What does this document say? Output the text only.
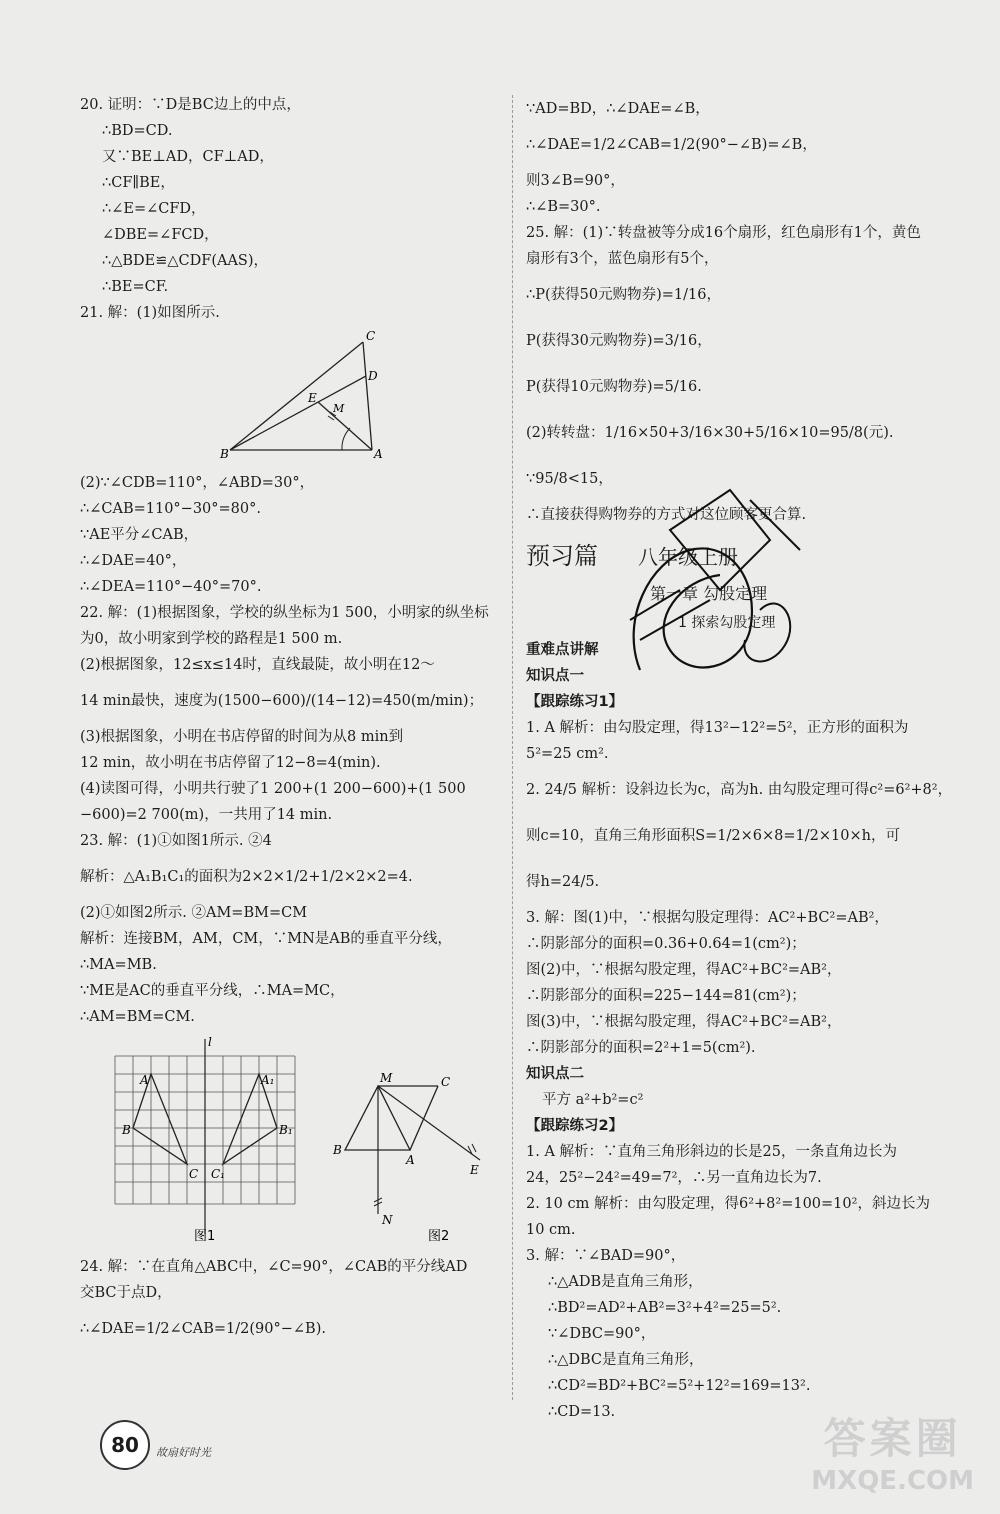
20. 证明：∵D是BC边上的中点，
∴BD=CD.
又∵BE⊥AD，CF⊥AD，
∴CF∥BE，
∴∠E=∠CFD，
∠DBE=∠FCD，
∴△BDE≌△CDF(AAS)，
∴BE=CF.
21. 解：(1)如图所示.
C
D
E
M
B	A
(2)∵∠CDB=110°，∠ABD=30°，
∴∠CAB=110°−30°=80°.
∵AE平分∠CAB，
∴∠DAE=40°，
∴∠DEA=110°−40°=70°.
22. 解：(1)根据图象，学校的纵坐标为1 500，小明家的纵坐标
为0，故小明家到学校的路程是1 500 m.
(2)根据图象，12≤x≤14时，直线最陡，故小明在12～
14 min最快，速度为(1500−600)/(14−12)=450(m/min)；
(3)根据图象，小明在书店停留的时间为从8 min到
12 min，故小明在书店停留了12−8=4(min).
(4)读图可得，小明共行驶了1 200+(1 200−600)+(1 500
−600)=2 700(m)，一共用了14 min.
23. 解：(1)①如图1所示. ②4
解析：△A₁B₁C₁的面积为2×2×1/2+1/2×2×2=4.
(2)①如图2所示. ②AM=BM=CM
解析：连接BM，AM，CM，∵MN是AB的垂直平分线，
∴MA=MB.
∵ME是AC的垂直平分线，∴MA=MC，
∴AM=BM=CM.
l
A	A₁
B	B₁
C C₁
图1
M	C
B
A
E
N
图2
24. 解：∵在直角△ABC中，∠C=90°，∠CAB的平分线AD
交BC于点D，
∴∠DAE=1/2∠CAB=1/2(90°−∠B).
∵AD=BD，∴∠DAE=∠B，
∴∠DAE=1/2∠CAB=1/2(90°−∠B)=∠B，
则3∠B=90°，
∴∠B=30°.
25. 解：(1)∵转盘被等分成16个扇形，红色扇形有1个，黄色
扇形有3个，蓝色扇形有5个，
∴P(获得50元购物券)=1/16，
P(获得30元购物券)=3/16，
P(获得10元购物券)=5/16.
(2)转转盘：1/16×50+3/16×30+5/16×10=95/8(元).
∵95/8<15，
∴直接获得购物券的方式对这位顾客更合算.
预习篇 八年级上册
第一章 勾股定理
1 探索勾股定理
重难点讲解
知识点一
【跟踪练习1】
1. A 解析：由勾股定理，得13²−12²=5²，正方形的面积为
5²=25 cm².
2. 24/5 解析：设斜边长为c，高为h. 由勾股定理可得c²=6²+8²，
则c=10，直角三角形面积S=1/2×6×8=1/2×10×h，可
得h=24/5.
3. 解：图(1)中，∵根据勾股定理得：AC²+BC²=AB²，
∴阴影部分的面积=0.36+0.64=1(cm²)；
图(2)中，∵根据勾股定理，得AC²+BC²=AB²，
∴阴影部分的面积=225−144=81(cm²)；
图(3)中，∵根据勾股定理，得AC²+BC²=AB²，
∴阴影部分的面积=2²+1=5(cm²).
知识点二
平方 a²+b²=c²
【跟踪练习2】
1. A 解析：∵直角三角形斜边的长是25，一条直角边长为
24，25²−24²=49=7²，∴另一直角边长为7.
2. 10 cm 解析：由勾股定理，得6²+8²=100=10²，斜边长为
10 cm.
3. 解：∵∠BAD=90°，
∴△ADB是直角三角形，
∴BD²=AD²+AB²=3²+4²=25=5².
∵∠DBC=90°，
∴△DBC是直角三角形，
∴CD²=BD²+BC²=5²+12²=169=13².
∴CD=13.
80	故扇好时光	答案圈
MXQE.COM
